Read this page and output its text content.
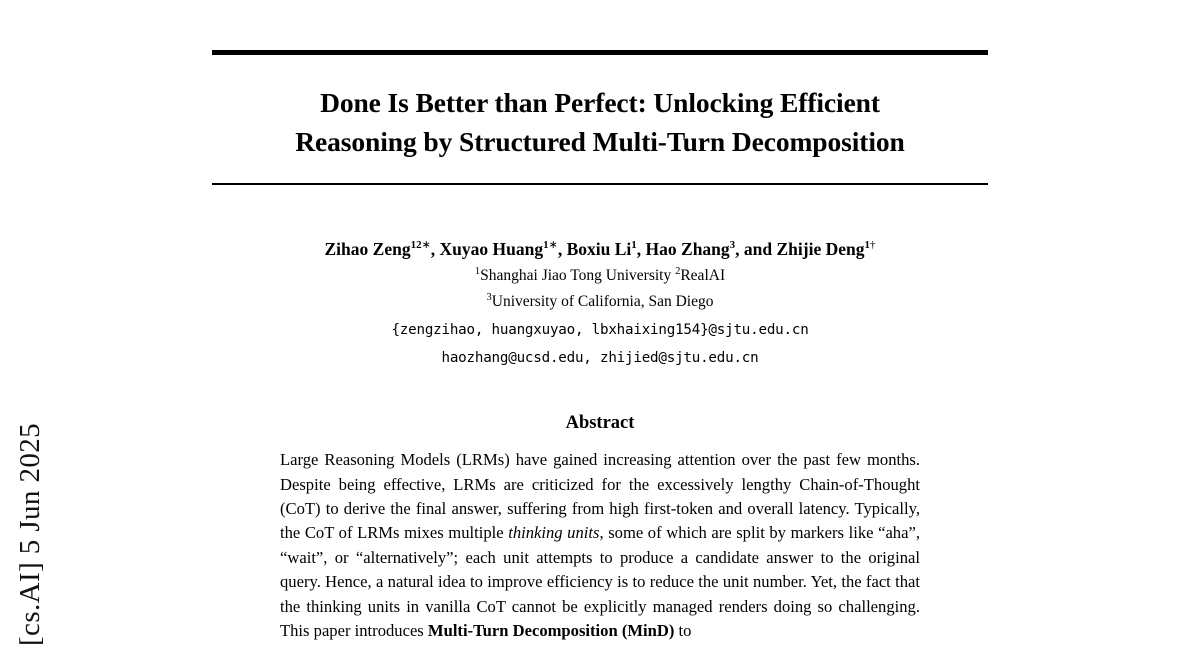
[cs.AI] 5 Jun 2025
Done Is Better than Perfect: Unlocking Efficient
Reasoning by Structured Multi-Turn Decomposition
Zihao Zeng$^{12∗}$, Xuyao Huang$^{1∗}$, Boxiu Li$^1$, Hao Zhang$^3$, and Zhijie Deng$^{1\dagger}$
$^1$Shanghai Jiao Tong University $^2$RealAI
$^3$University of California, San Diego
{zengzihao, huangxuyao, lbxhaixing154}@sjtu.edu.cn
haozhang@ucsd.edu, zhijied@sjtu.edu.cn
Abstract
Large Reasoning Models (LRMs) have gained increasing attention over the past few months. Despite being effective, LRMs are criticized for the excessively lengthy Chain-of-Thought (CoT) to derive the final answer, suffering from high first-token and overall latency. Typically, the CoT of LRMs mixes multiple thinking units, some of which are split by markers like “aha”, “wait”, or “alternatively”; each unit attempts to produce a candidate answer to the original query. Hence, a natural idea to improve efficiency is to reduce the unit number. Yet, the fact that the thinking units in vanilla CoT cannot be explicitly managed renders doing so challenging. This paper introduces Multi-Turn Decomposition (MinD) to
